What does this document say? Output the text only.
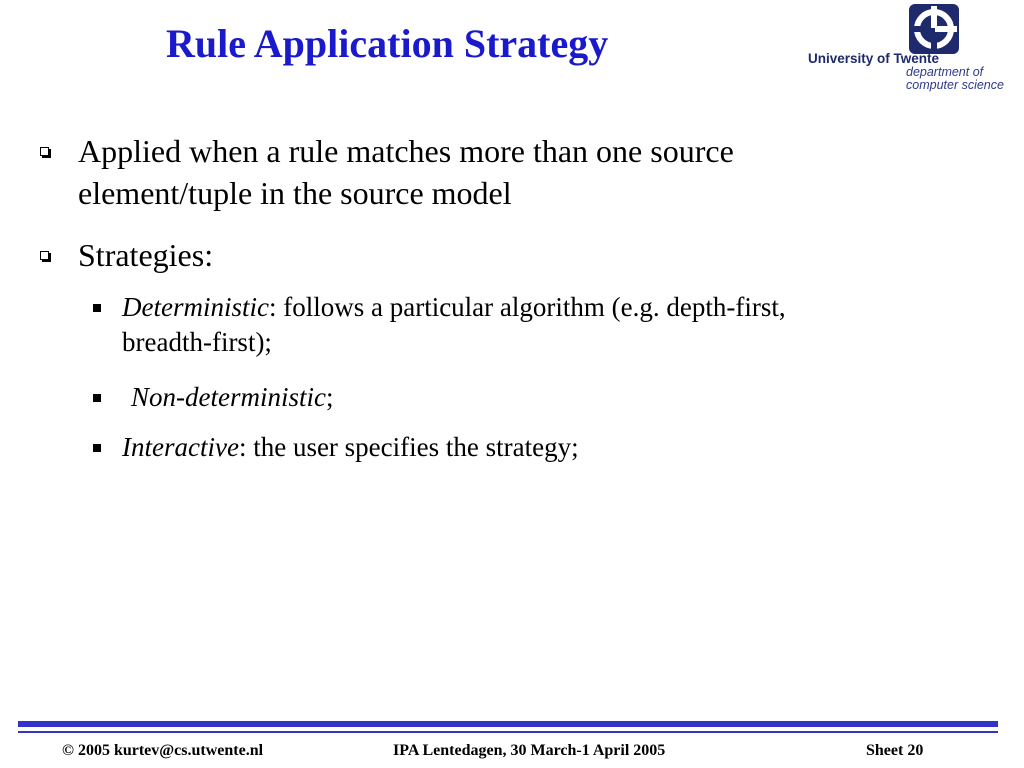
Rule Application Strategy	University of Twente
department of
computer science
Applied when a rule matches more than one source
element/tuple in the source model
Strategies:
Deterministic: follows a particular algorithm (e.g. depth-first,
breadth-first);
Non-deterministic;
Interactive: the user specifies the strategy;
© 2005 kurtev@cs.utwente.nl	IPA Lentedagen, 30 March-1 April 2005	Sheet 20
